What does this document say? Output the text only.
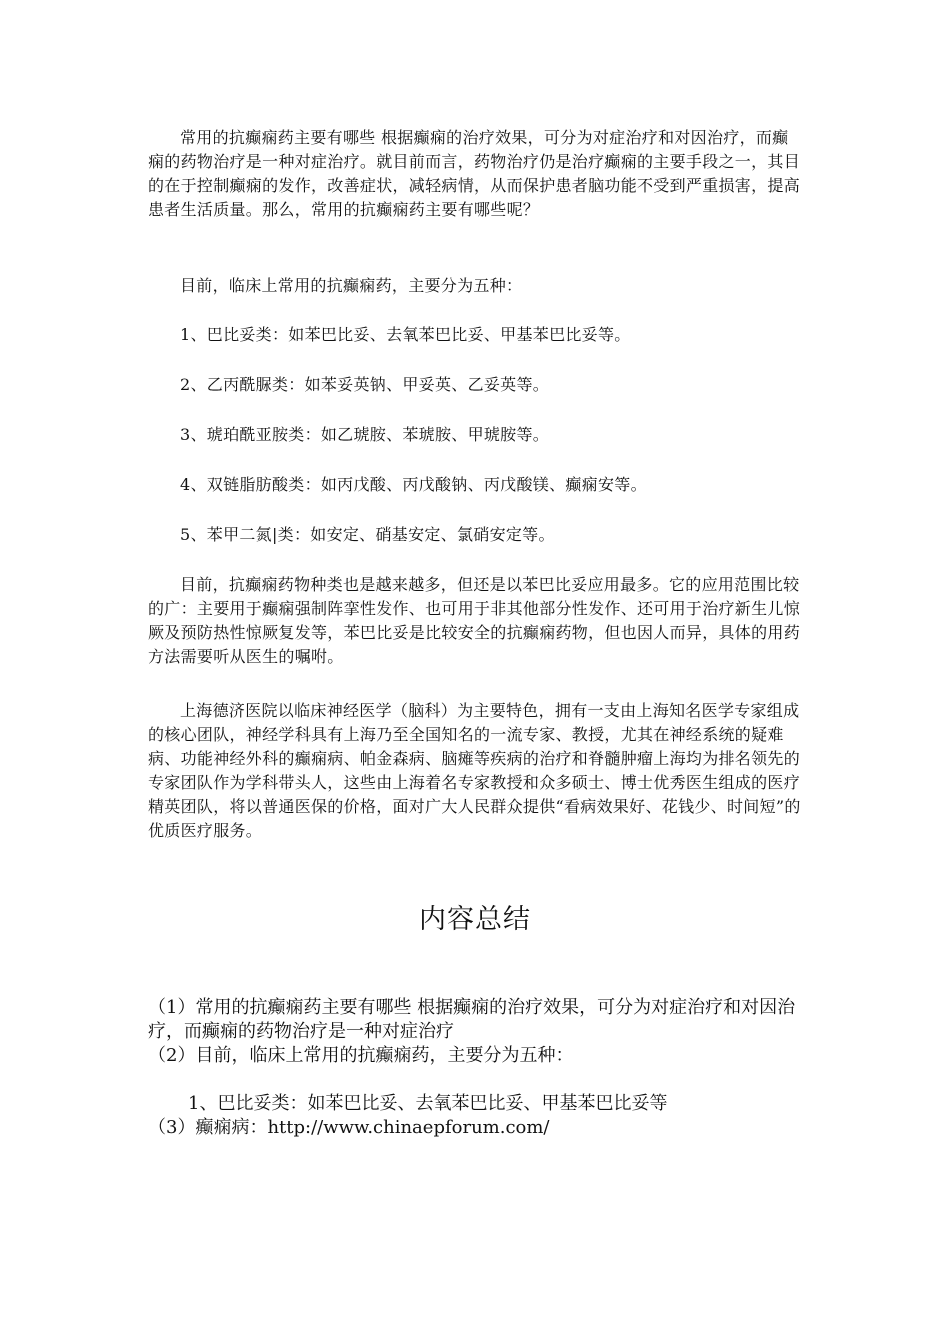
常用的抗癫痫药主要有哪些 根据癫痫的治疗效果，可分为对症治疗和对因治疗，而癫痫的药物治疗是一种对症治疗。就目前而言，药物治疗仍是治疗癫痫的主要手段之一，其目的在于控制癫痫的发作，改善症状，减轻病情，从而保护患者脑功能不受到严重损害，提高患者生活质量。那么，常用的抗癫痫药主要有哪些呢？

目前，临床上常用的抗癫痫药，主要分为五种：

1、巴比妥类：如苯巴比妥、去氧苯巴比妥、甲基苯巴比妥等。

2、乙丙酰脲类：如苯妥英钠、甲妥英、乙妥英等。

3、琥珀酰亚胺类：如乙琥胺、苯琥胺、甲琥胺等。

4、双链脂肪酸类：如丙戊酸、丙戊酸钠、丙戊酸镁、癫痫安等。

5、苯甲二氮|类：如安定、硝基安定、氯硝安定等。

目前，抗癫痫药物种类也是越来越多，但还是以苯巴比妥应用最多。它的应用范围比较的广：主要用于癫痫强制阵挛性发作、也可用于非其他部分性发作、还可用于治疗新生儿惊厥及预防热性惊厥复发等，苯巴比妥是比较安全的抗癫痫药物，但也因人而异，具体的用药方法需要听从医生的嘱咐。

上海德济医院以临床神经医学（脑科）为主要特色，拥有一支由上海知名医学专家组成的核心团队，神经学科具有上海乃至全国知名的一流专家、教授，尤其在神经系统的疑难病、功能神经外科的癫痫病、帕金森病、脑瘫等疾病的治疗和脊髓肿瘤上海均为排名领先的专家团队作为学科带头人，这些由上海着名专家教授和众多硕士、博士优秀医生组成的医疗精英团队，将以普通医保的价格，面对广大人民群众提供“看病效果好、花钱少、时间短”的优质医疗服务。

内容总结

（1）常用的抗癫痫药主要有哪些 根据癫痫的治疗效果，可分为对症治疗和对因治疗，而癫痫的药物治疗是一种对症治疗

（2）目前，临床上常用的抗癫痫药，主要分为五种：

1、巴比妥类：如苯巴比妥、去氧苯巴比妥、甲基苯巴比妥等

（3）癫痫病：http://www.chinaepforum.com/
